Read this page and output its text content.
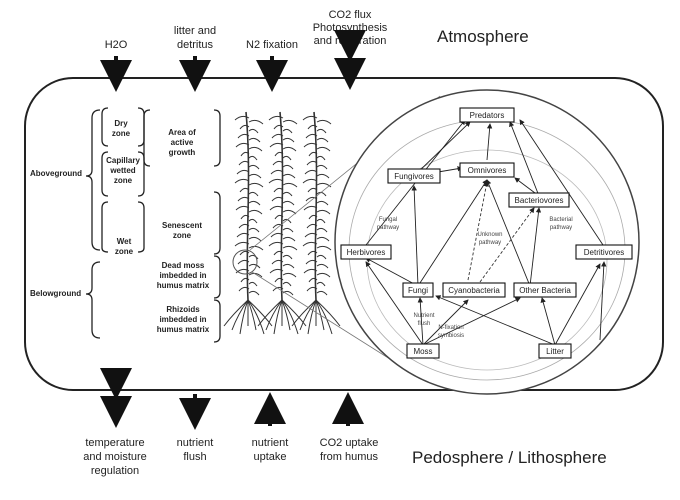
H2O
litter and
detritus	N2 fixation
CO2 flux
Photosynthesis
and respiration	Atmosphere
temperature
and moisture
regulation
nutrient
flush
nutrient
uptake
CO2 uptake
from humus Pedosphere / Lithosphere
Aboveground
Belowground
Dry
zone
Capillary
wetted
zone
Wet
zone
Area of
active
growth
Senescent
zone
Dead moss
imbedded in
humus matrix
Rhizoids
imbedded in
humus matrix
Predators
Omnivores
Fungivores
Bacteriovores
Herbivores	Detritivores
Fungi	Cyanobacteria Other Bacteria
Moss	Litter
Fungal
pathway
Unknown
pathway
Bacterial
pathway
Nutrient
flush
N-fixation
symbiosis
